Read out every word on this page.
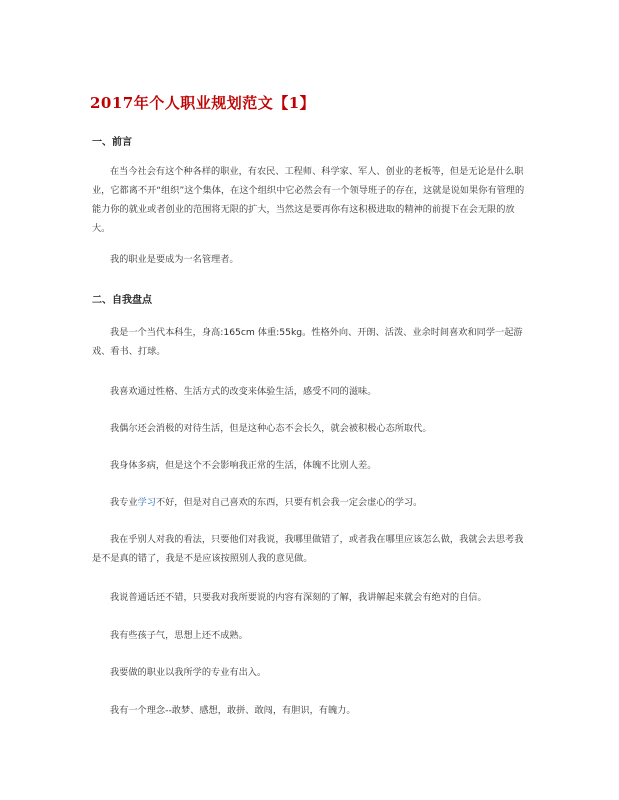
2017年个人职业规划范文【1】
一、前言
在当今社会有这个种各样的职业，有农民、工程师、科学家、军人、创业的老板等，但是无论是什么职业，它都离不开“组织”这个集体，在这个组织中它必然会有一个领导班子的存在，这就是说如果你有管理的能力你的就业或者创业的范围将无限的扩大，当然这是要再你有这积极进取的精神的前提下在会无限的放大。
我的职业是要成为一名管理者。
二、自我盘点
我是一个当代本科生，身高:165cm 体重:55kg。性格外向、开朗、活泼、业余时间喜欢和同学一起游戏、看书、打球。
我喜欢通过性格、生活方式的改变来体验生活，感受不同的滋味。
我偶尔还会消极的对待生活，但是这种心态不会长久，就会被积极心态所取代。
我身体多病，但是这个不会影响我正常的生活，体魄不比别人差。
我专业学习不好，但是对自己喜欢的东西，只要有机会我一定会虚心的学习。
我在乎别人对我的看法，只要他们对我说，我哪里做错了，或者我在哪里应该怎么做，我就会去思考我是不是真的错了，我是不是应该按照别人我的意见做。
我说普通话还不错，只要我对我所要说的内容有深刻的了解，我讲解起来就会有绝对的自信。
我有些孩子气，思想上还不成熟。
我要做的职业以我所学的专业有出入。
我有一个理念--敢梦、感想，敢拼、敢闯，有胆识，有魄力。
